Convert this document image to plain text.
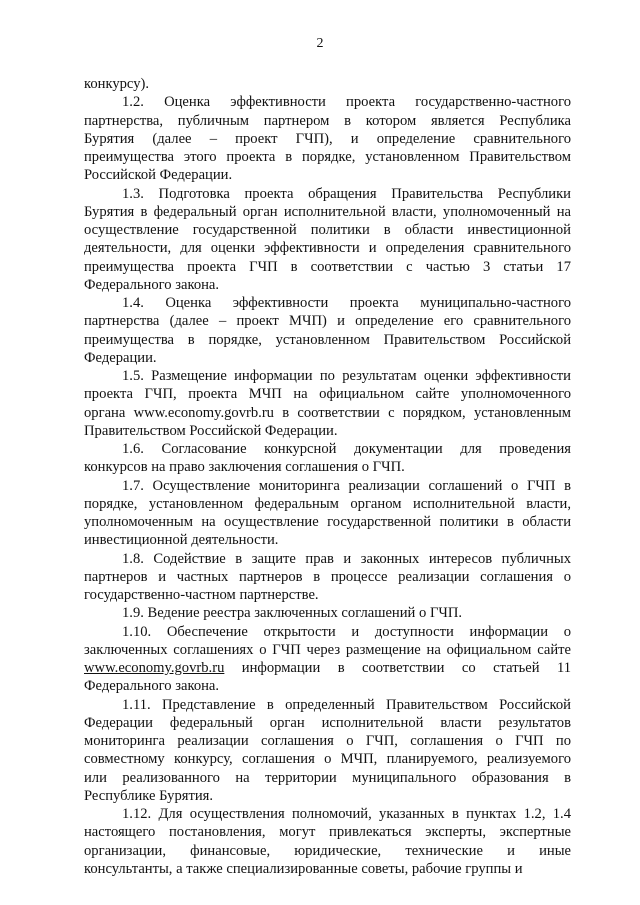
2
конкурсу).
1.2. Оценка эффективности проекта государственно-частного
партнерства, публичным партнером в котором является Республика
Бурятия (далее – проект ГЧП), и определение сравнительного
преимущества этого проекта в порядке, установленном Правительством
Российской Федерации.
1.3. Подготовка проекта обращения Правительства Республики
Бурятия в федеральный орган исполнительной власти, уполномоченный на
осуществление государственной политики в области инвестиционной
деятельности, для оценки эффективности и определения сравнительного
преимущества проекта ГЧП в соответствии с частью 3 статьи 17
Федерального закона.
1.4. Оценка эффективности проекта муниципально-частного
партнерства (далее – проект МЧП) и определение его сравнительного
преимущества в порядке, установленном Правительством Российской
Федерации.
1.5. Размещение информации по результатам оценки эффективности
проекта ГЧП, проекта МЧП на официальном сайте уполномоченного
органа www.economy.govrb.ru в соответствии с порядком, установленным
Правительством Российской Федерации.
1.6. Согласование конкурсной документации для проведения
конкурсов на право заключения соглашения о ГЧП.
1.7. Осуществление мониторинга реализации соглашений о ГЧП в
порядке, установленном федеральным органом исполнительной власти,
уполномоченным на осуществление государственной политики в области
инвестиционной деятельности.
1.8. Содействие в защите прав и законных интересов публичных
партнеров и частных партнеров в процессе реализации соглашения о
государственно-частном партнерстве.
1.9. Ведение реестра заключенных соглашений о ГЧП.
1.10. Обеспечение открытости и доступности информации о
заключенных соглашениях о ГЧП через размещение на официальном сайте
www.economy.govrb.ru информации в соответствии со статьей 11
Федерального закона.
1.11. Представление в определенный Правительством Российской
Федерации федеральный орган исполнительной власти результатов
мониторинга реализации соглашения о ГЧП, соглашения о ГЧП по
совместному конкурсу, соглашения о МЧП, планируемого, реализуемого
или реализованного на территории муниципального образования в
Республике Бурятия.
1.12. Для осуществления полномочий, указанных в пунктах 1.2, 1.4
настоящего постановления, могут привлекаться эксперты, экспертные
организации, финансовые, юридические, технические и иные
консультанты, а также специализированные советы, рабочие группы и
